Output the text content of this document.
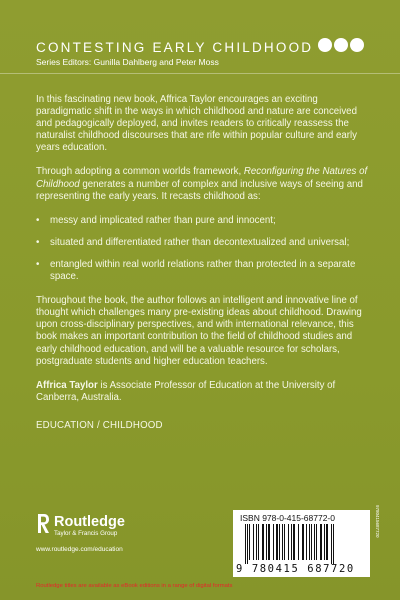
CONTESTING EARLY CHILDHOOD
Series Editors: Gunilla Dahlberg and Peter Moss

In this fascinating new book, Affrica Taylor encourages an exciting paradigmatic shift in the ways in which childhood and nature are conceived and pedagogically deployed, and invites readers to critically reassess the naturalist childhood discourses that are rife within popular culture and early years education.

Through adopting a common worlds framework, Reconfiguring the Natures of Childhood generates a number of complex and inclusive ways of seeing and representing the early years. It recasts childhood as:

• messy and implicated rather than pure and innocent;
• situated and differentiated rather than decontextualized and universal;
• entangled within real world relations rather than protected in a separate space.

Throughout the book, the author follows an intelligent and innovative line of thought which challenges many pre-existing ideas about childhood. Drawing upon cross-disciplinary perspectives, and with international relevance, this book makes an important contribution to the field of childhood studies and early childhood education, and will be a valuable resource for scholars, postgraduate students and higher education teachers.

Affrica Taylor is Associate Professor of Education at the University of Canberra, Australia.

EDUCATION / CHILDHOOD

Routledge
Taylor & Francis Group
www.routledge.com/education
Routledge titles are available as eBook editions in a range of digital formats
ISBN 978-0-415-68772-0
9 780415 687720
9780415687720
